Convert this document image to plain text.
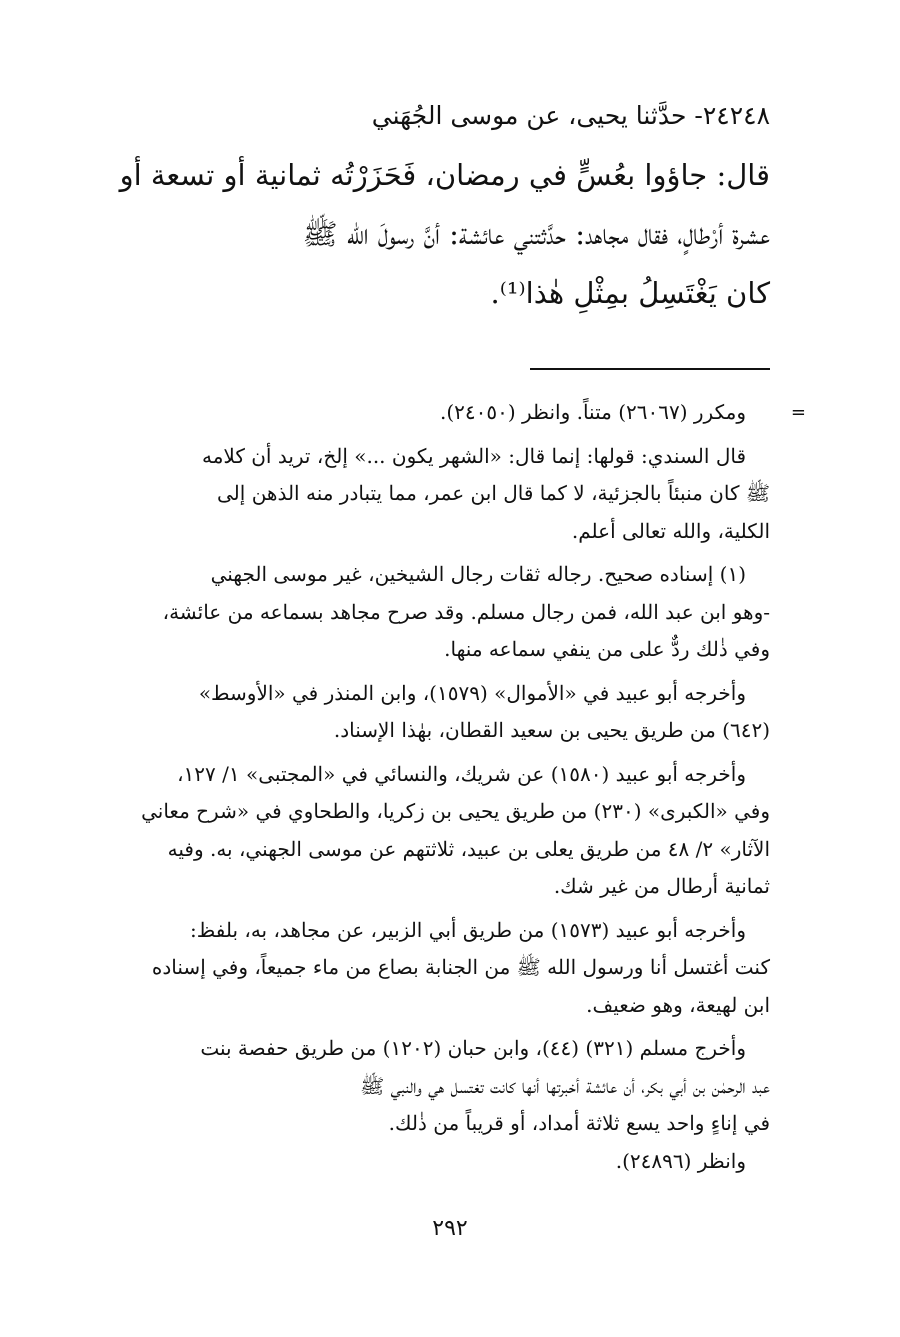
٢٤٢٤٨- حدَّثنا يحيى، عن موسى الجُهَني

قال: جاؤوا بعُسٍّ في رمضان، فَحَزَرْتُه ثمانية أو تسعة أو

عشرة أرْطالٍ، فقال مجاهد: حدَّثتني عائشة: أنَّ رسولَ الله ﷺ

كان يَغْتَسِلُ بمِثْلِ هٰذا⁽¹⁾.

=

ومكرر (٢٦٠٦٧) متناً. وانظر (٢٤٠٥٠).

قال السندي: قولها: إنما قال: «الشهر يكون ...» إلخ، تريد أن كلامه

ﷺ كان منبئاً بالجزئية، لا كما قال ابن عمر، مما يتبادر منه الذهن إلى

الكلية، والله تعالى أعلم.

(١) إسناده صحيح. رجاله ثقات رجال الشيخين، غير موسى الجهني

-وهو ابن عبد الله، فمن رجال مسلم. وقد صرح مجاهد بسماعه من عائشة،

وفي ذٰلك ردٌّ على من ينفي سماعه منها.

وأخرجه أبو عبيد في «الأموال» (١٥٧٩)، وابن المنذر في «الأوسط»

(٦٤٢) من طريق يحيى بن سعيد القطان، بهٰذا الإسناد.

وأخرجه أبو عبيد (١٥٨٠) عن شريك، والنسائي في «المجتبى» ١/ ١٢٧،

وفي «الكبرى» (٢٣٠) من طريق يحيى بن زكريا، والطحاوي في «شرح معاني

الآثار» ٢/ ٤٨ من طريق يعلى بن عبيد، ثلاثتهم عن موسى الجهني، به. وفيه

ثمانية أرطال من غير شك.

وأخرجه أبو عبيد (١٥٧٣) من طريق أبي الزبير، عن مجاهد، به، بلفظ:

كنت أغتسل أنا ورسول الله ﷺ من الجنابة بصاع من ماء جميعاً، وفي إسناده

ابن لهيعة، وهو ضعيف.

وأخرج مسلم (٣٢١) (٤٤)، وابن حبان (١٢٠٢) من طريق حفصة بنت

عبد الرحمٰن بن أبي بكر، أن عائشة أخبرتها أنها كانت تغتسل هي والنبي ﷺ

في إناءٍ واحد يسع ثلاثة أمداد، أو قريباً من ذٰلك.

وانظر (٢٤٨٩٦).

٢٩٢
